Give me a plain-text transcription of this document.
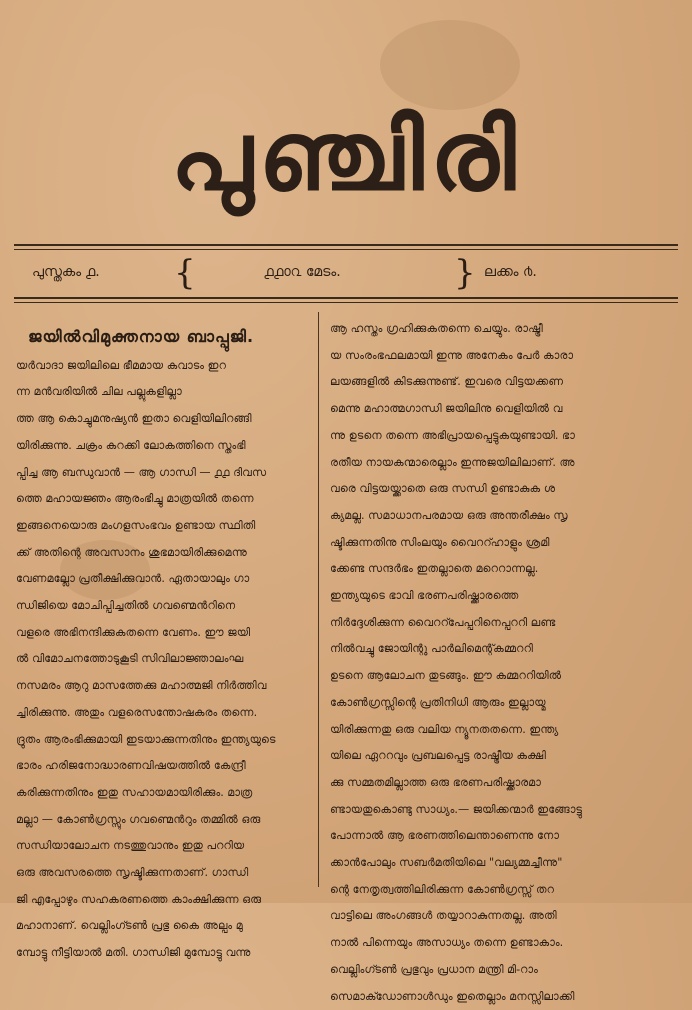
പുഞ്ചിരി
പുസ്തകം ൧. {	൧൧൦൨ മേടം.	} ലക്കം ൪.
ജയിൽവിമുക്തനായ ബാപ്പുജി.

യർവാദാ ജയിലിലെ ഭീമമായ കവാടം ഇറ
ന്ന മൻവരിയിൽ ചില പല്ലുകളില്ലാ
ത്ത ആ കൊച്ചുമനുഷ്യൻ ഇതാ വെളിയിലിറങ്ങി
യിരിക്കുന്നു. ചക്രം കറക്കി ലോകത്തിനെ സ്തംഭി
പ്പിച്ച ആ ബന്ധുവാൻ — ആ ഗാന്ധി — ൧൧ ദിവസ
ത്തെ മഹായജ്ഞം ആരംഭിച്ചു മാത്രയിൽ തന്നെ
ഇങ്ങനെയൊരു മംഗളസംഭവം ഉണ്ടായ സ്ഥിതി
ക്ക് അതിന്റെ അവസാനം ശുഭമായിരിക്കുമെന്നു
വേണമല്ലോ പ്രതീക്ഷിക്കുവാൻ. ഏതായാലും ഗാ
ന്ധിജിയെ മോചിപ്പിച്ചതിൽ ഗവണ്മെൻറിനെ
വളരെ അഭിനന്ദിക്കുകതന്നെ വേണം. ഈ ജയി
ൽ വിമോചനത്തോടുകൂടി സിവിലാജ്ഞാലംഘ
നസമരം ആറു മാസത്തേക്കു മഹാത്മജി നിർത്തിവ
ച്ചിരിക്കുന്നു. അതും വളരെസന്തോഷകരം തന്നെ.
ദ്രുതം ആരംഭിക്കുമായി ഇടയാക്കുന്നതിനും ഇന്ത്യയുടെ
ഭാരം ഹരിജനോദ്ധാരണവിഷയത്തിൽ കേന്ദ്രീ
കരിക്കുന്നതിനും ഇതു സഹായമായിരിക്കും. മാത്ര
മല്ലാ — കോൺഗ്രസ്സും ഗവണ്മെൻറും തമ്മിൽ ഒരു
സന്ധിയാലോചന നടത്തുവാനും ഇതു പററിയ
ഒരു അവസരത്തെ സൃഷ്ടിക്കുന്നതാണ്. ഗാന്ധി
ജി എപ്പോഴും സഹകരണത്തെ കാംക്ഷിക്കുന്ന ഒരു
മഹാനാണ്. വെല്ലിംഗ്ടൺ പ്രഭു കൈ അല്പം മു
മ്പോട്ടു നീട്ടിയാൽ മതി. ഗാന്ധിജി മുമ്പോട്ടു വന്നു
ആ ഹസ്തം ഗ്രഹിക്കുകതന്നെ ചെയ്യും. രാഷ്ട്രീ
യ സംരംഭഫലമായി ഇന്നു അനേകം പേർ കാരാ
ലയങ്ങളിൽ കിടക്കുന്നുണ്ട്. ഇവരെ വിട്ടയക്കണ
മെന്നു മഹാത്മഗാന്ധി ജയിലിനു വെളിയിൽ വ
ന്നു ഉടനെ തന്നെ അഭിപ്രായപ്പെട്ടുകയുണ്ടായി. ഭാ
രതീയ നായകന്മാരെല്ലാം ഇന്നുജയിലിലാണ്. അ
വരെ വിട്ടയയ്ക്കാതെ ഒരു സന്ധി ഉണ്ടാകുക ശ
ക്യമല്ല. സമാധാനപരമായ ഒരു അന്തരീക്ഷം സൃ
ഷ്ടിക്കുന്നതിനു സിംലയും വൈററ്ഹാളും ശ്രമി
ക്കേണ്ട സന്ദർഭം ഇതല്ലാതെ മറെറാന്നല്ല.
ഇന്ത്യയുടെ ഭാവി ഭരണപരിഷ്ക്കാരത്തെ
നിർദ്ദേശിക്കുന്ന വൈററ്പേപ്പറിനെപ്പററി ലണ്ട
നിൽവച്ചു ജോയിന്റു പാർലിമെന്റ്കമ്മററി
ഉടനെ ആലോചന തുടങ്ങും. ഈ കമ്മററിയിൽ
കോൺഗ്രസ്സിന്റെ പ്രതിനിധി ആരും ഇല്ലായ്മ
യിരിക്കുന്നതു ഒരു വലിയ ന്യൂനതതന്നെ. ഇന്ത്യ
യിലെ ഏററവും പ്രബലപ്പെട്ട രാഷ്ട്രീയ കക്ഷി
ക്കു സമ്മതമില്ലാത്ത ഒരു ഭരണപരിഷ്ക്കാരമാ
ണ്ടായതുകൊണ്ടു സാധ്യം.— ജയിക്കന്മാർ ഇങ്ങോട്ടു
പോന്നാൽ ആ ഭരണത്തിലെന്താണെന്നു നോ
ക്കാൻപോലും സബർമതിയിലെ "വല്യമ്മച്ചീന്നു"
ന്റെ നേതൃത്വത്തിലിരിക്കുന്ന കോൺഗ്രസ്സ് തറ
വാട്ടിലെ അംഗങ്ങൾ തയ്യാറാകുന്നതല്ല. അതി
നാൽ പിന്നെയും അസാധ്യം തന്നെ ഉണ്ടാകാം.
വെല്ലിംഗ്ടൺ പ്രഭുവും പ്രധാന മന്ത്രി മി-റാം
സെമാക്ഡോണാൾഡും ഇതെല്ലാം മനസ്സിലാക്കി
